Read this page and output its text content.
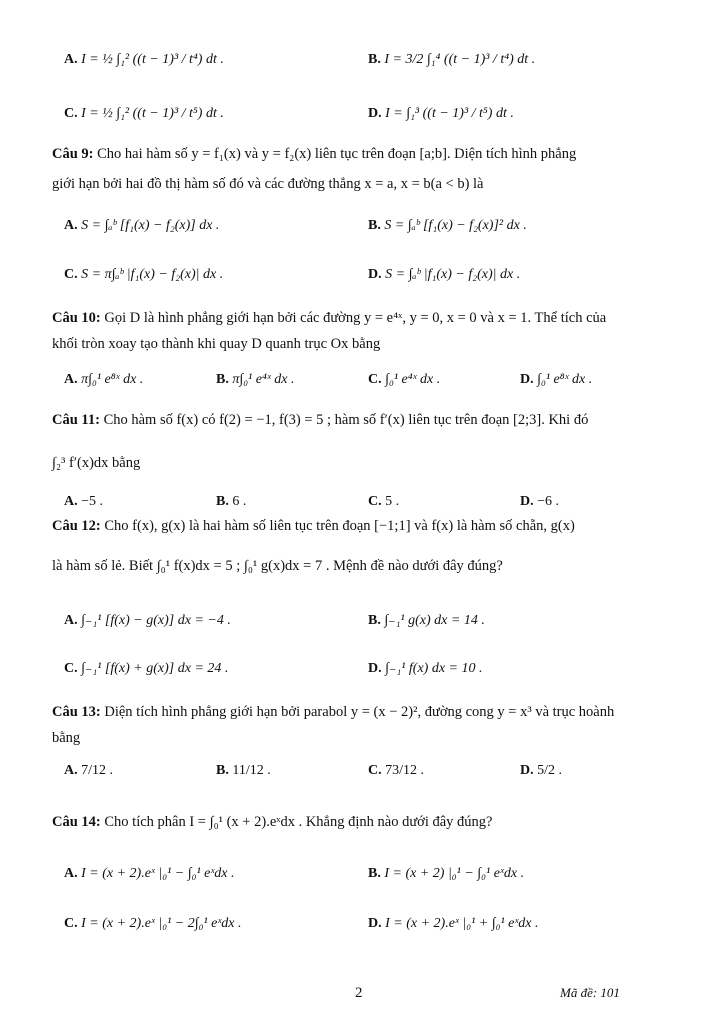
A. I = ½ ∫₁² ((t − 1)³ / t⁴) dt .	B. I = 3/2 ∫₁⁴ ((t − 1)³ / t⁴) dt .
C. I = ½ ∫₁² ((t − 1)³ / t⁵) dt .	D. I = ∫₁³ ((t − 1)³ / t⁵) dt .
Câu 9: Cho hai hàm số y = f₁(x) và y = f₂(x) liên tục trên đoạn [a;b]. Diện tích hình phẳng
giới hạn bởi hai đồ thị hàm số đó và các đường thẳng x = a, x = b(a < b) là
A. S = ∫ₐᵇ [f₁(x) − f₂(x)] dx .	B. S = ∫ₐᵇ [f₁(x) − f₂(x)]² dx .
C. S = π∫ₐᵇ |f₁(x) − f₂(x)| dx .	D. S = ∫ₐᵇ |f₁(x) − f₂(x)| dx .
Câu 10: Gọi D là hình phẳng giới hạn bởi các đường y = e⁴ˣ, y = 0, x = 0 và x = 1. Thể tích của
khối tròn xoay tạo thành khi quay D quanh trục Ox bằng
A. π∫₀¹ e⁸ˣ dx .	B. π∫₀¹ e⁴ˣ dx .	C. ∫₀¹ e⁴ˣ dx .	D. ∫₀¹ e⁸ˣ dx .
Câu 11: Cho hàm số f(x) có f(2) = −1, f(3) = 5 ; hàm số f′(x) liên tục trên đoạn [2;3]. Khi đó
∫₂³ f′(x)dx bằng
A. −5 .	B. 6 .	C. 5 .	D. −6 .
Câu 12: Cho f(x), g(x) là hai hàm số liên tục trên đoạn [−1;1] và f(x) là hàm số chẵn, g(x)
là hàm số lẻ. Biết ∫₀¹ f(x)dx = 5 ; ∫₀¹ g(x)dx = 7 . Mệnh đề nào dưới đây đúng?
A. ∫₋₁¹ [f(x) − g(x)] dx = −4 .	B. ∫₋₁¹ g(x) dx = 14 .
C. ∫₋₁¹ [f(x) + g(x)] dx = 24 .	D. ∫₋₁¹ f(x) dx = 10 .
Câu 13: Diện tích hình phẳng giới hạn bởi parabol y = (x − 2)², đường cong y = x³ và trục hoành
bằng
A. 7/12 .	B. 11/12 .	C. 73/12 .	D. 5/2 .
Câu 14: Cho tích phân I = ∫₀¹ (x + 2).eˣdx . Khẳng định nào dưới đây đúng?
A. I = (x + 2).eˣ |₀¹ − ∫₀¹ eˣdx .	B. I = (x + 2) |₀¹ − ∫₀¹ eˣdx .
C. I = (x + 2).eˣ |₀¹ − 2∫₀¹ eˣdx .	D. I = (x + 2).eˣ |₀¹ + ∫₀¹ eˣdx .
2	Mã đề: 101
